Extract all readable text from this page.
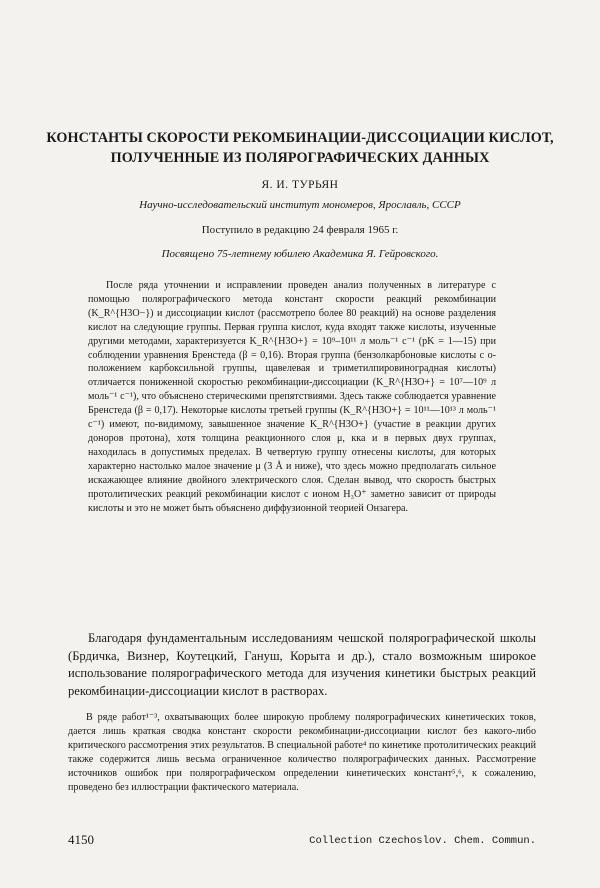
КОНСТАНТЫ СКОРОСТИ РЕКОМБИНАЦИИ-ДИССОЦИАЦИИ КИСЛОТ, ПОЛУЧЕННЫЕ ИЗ ПОЛЯРОГРАФИЧЕСКИХ ДАННЫХ
Я. И. ТУРЬЯН
Научно-исследовательский институт мономеров, Ярославль, СССР
Поступило в редакцию 24 февраля 1965 г.
Посвящено 75-летнему юбилею Академика Я. Гейровского.

После ряда уточнении и исправлении проведен анализ полученных в литературе с помощью полярографического метода констант скорости реакций рекомбинации (K_R^{H3O−}) и диссоциации кислот (рассмотрепо более 80 реакций) на основе разделения кислот на следующие группы. Первая группа кислот, куда входят также кислоты, изученные другими методами, характеризуется K_R^{H3O+} = 10⁹–10¹¹ л моль⁻¹ с⁻¹ (pK = 1—15) при соблюдении уравнения Бренстеда (β = 0,16). Вторая группа (бензолкарбоновые кислоты с о-положением карбоксильной группы, щавелевая и триметилпировиноградная кислоты) отличается пониженной скоростью рекомбинации-диссоциации (K_R^{H3O+} = 10⁷—10⁹ л моль⁻¹ с⁻¹), что объяснено стерическими препятствиями. Здесь также соблюдается уравнение Бренстеда (β = 0,17). Некоторые кислоты третьей группы (K_R^{H3O+} = 10¹¹—10¹³ л моль⁻¹ с⁻¹) имеют, по-видимому, завышенное значение K_R^{H3O+} (участие в реакции других доноров протона), хотя толщина реакционного слоя μ, кка и в первых двух группах, находилась в допустимых пределах. В четвертую группу отнесены кислоты, для которых характерно настолько малое значение μ (3 Å и ниже), что здесь можно предполагать сильное искажающее влияние двойного электрического слоя. Сделан вывод, что скорость быстрых протолитических реакций рекомбинации кислот с ионом H₃O⁺ заметно зависит от природы кислоты и это не может быть объяснено диффузионной теорией Онзагера.

Благодаря фундаментальным исследованиям чешской полярографической школы (Брдичка, Визнер, Коутецкий, Гануш, Корыта и др.), стало возможным широкое использование полярографического метода для изучения кинетики быстрых реакций рекомбинации-диссоциации кислот в растворах.

В ряде работ¹⁻³, охватывающих более широкую проблему полярографических кинетических токов, дается лишь краткая сводка констант скорости рекомбинации-диссоциации кислот без какого-либо критического рассмотрения этих результатов. В специальной работе⁴ по кинетике протолитических реакций также содержится лишь весьма ограниченное количество полярографических данных. Рассмотрение источников ошибок при полярографическом определении кинетических констант⁵,⁶, к сожалению, проведено без иллюстрации фактического материала.

4150	Collection Czechoslov. Chem. Commun.
